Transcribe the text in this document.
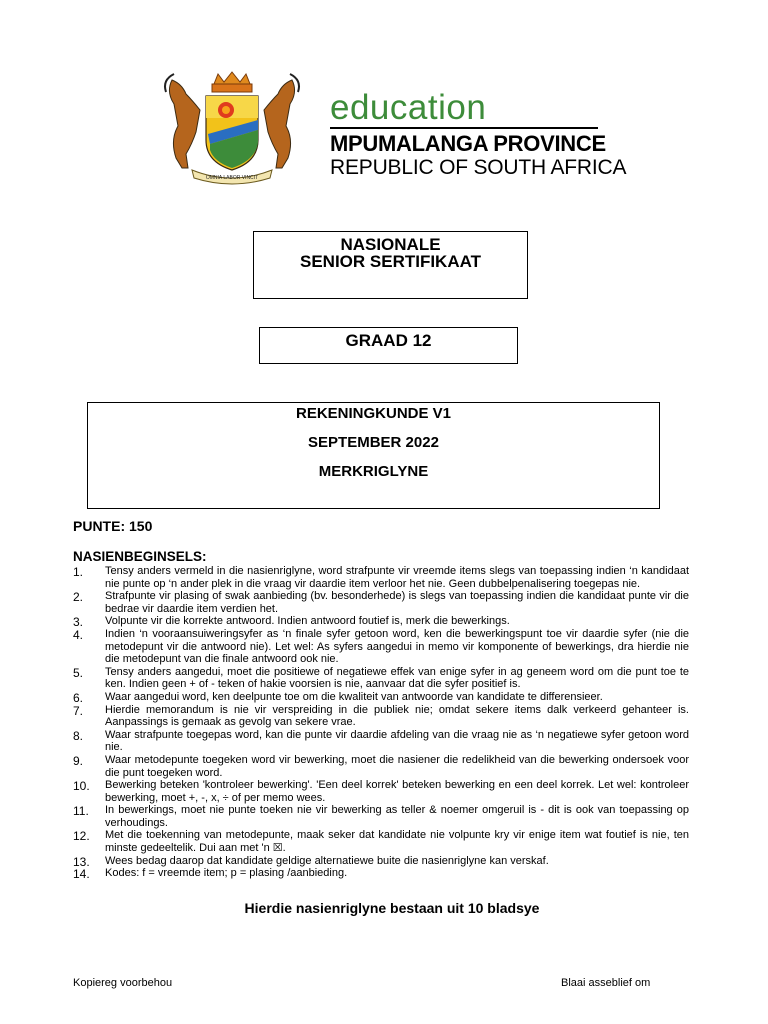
OMNIA LABOR VINCIT
education
MPUMALANGA PROVINCE
REPUBLIC OF SOUTH AFRICA
NASIONALE
SENIOR SERTIFIKAAT
GRAAD 12
REKENINGKUNDE V1
SEPTEMBER 2022
MERKRIGLYNE
PUNTE: 150
NASIENBEGINSELS:
1. Tensy anders vermeld in die nasienriglyne, word strafpunte vir vreemde items slegs van toepassing indien ‘n kandidaat nie punte op ‘n ander plek in die vraag vir daardie item verloor het nie. Geen dubbelpenalisering toegepas nie.
2. Strafpunte vir plasing of swak aanbieding (bv. besonderhede) is slegs van toepassing indien die kandidaat punte vir die bedrae vir daardie item verdien het.
3. Volpunte vir die korrekte antwoord. Indien antwoord foutief is, merk die bewerkings.
4. Indien ‘n vooraansuiweringsyfer as ‘n finale syfer getoon word, ken die bewerkingspunt toe vir daardie syfer (nie die metodepunt vir die antwoord nie). Let wel: As syfers aangedui in memo vir komponente of bewerkings, dra hierdie nie die metodepunt van die finale antwoord ook nie.
5. Tensy anders aangedui, moet die positiewe of negatiewe effek van enige syfer in ag geneem word om die punt toe te ken. Indien geen + of - teken of hakie voorsien is nie, aanvaar dat die syfer positief is.
6. Waar aangedui word, ken deelpunte toe om die kwaliteit van antwoorde van kandidate te differensieer.
7. Hierdie memorandum is nie vir verspreiding in die publiek nie; omdat sekere items dalk verkeerd gehanteer is. Aanpassings is gemaak as gevolg van sekere vrae.
8. Waar strafpunte toegepas word, kan die punte vir daardie afdeling van die vraag nie as ‘n negatiewe syfer getoon word nie.
9. Waar metodepunte toegeken word vir bewerking, moet die nasiener die redelikheid van die bewerking ondersoek voor die punt toegeken word.
10. Bewerking beteken 'kontroleer bewerking'. 'Een deel korrek' beteken bewerking en een deel korrek. Let wel: kontroleer bewerking, moet +, -, x, ÷ of per memo wees.
11. In bewerkings, moet nie punte toeken nie vir bewerking as teller & noemer omgeruil is - dit is ook van toepassing op verhoudings.
12. Met die toekenning van metodepunte, maak seker dat kandidate nie volpunte kry vir enige item wat foutief is nie, ten minste gedeeltelik. Dui aan met 'n ☒.
13. Wees bedag daarop dat kandidate geldige alternatiewe buite die nasienriglyne kan verskaf.
14. Kodes: f = vreemde item; p = plasing /aanbieding.
Hierdie nasienriglyne bestaan uit 10 bladsye
Kopiereg voorbehou	Blaai asseblief om
